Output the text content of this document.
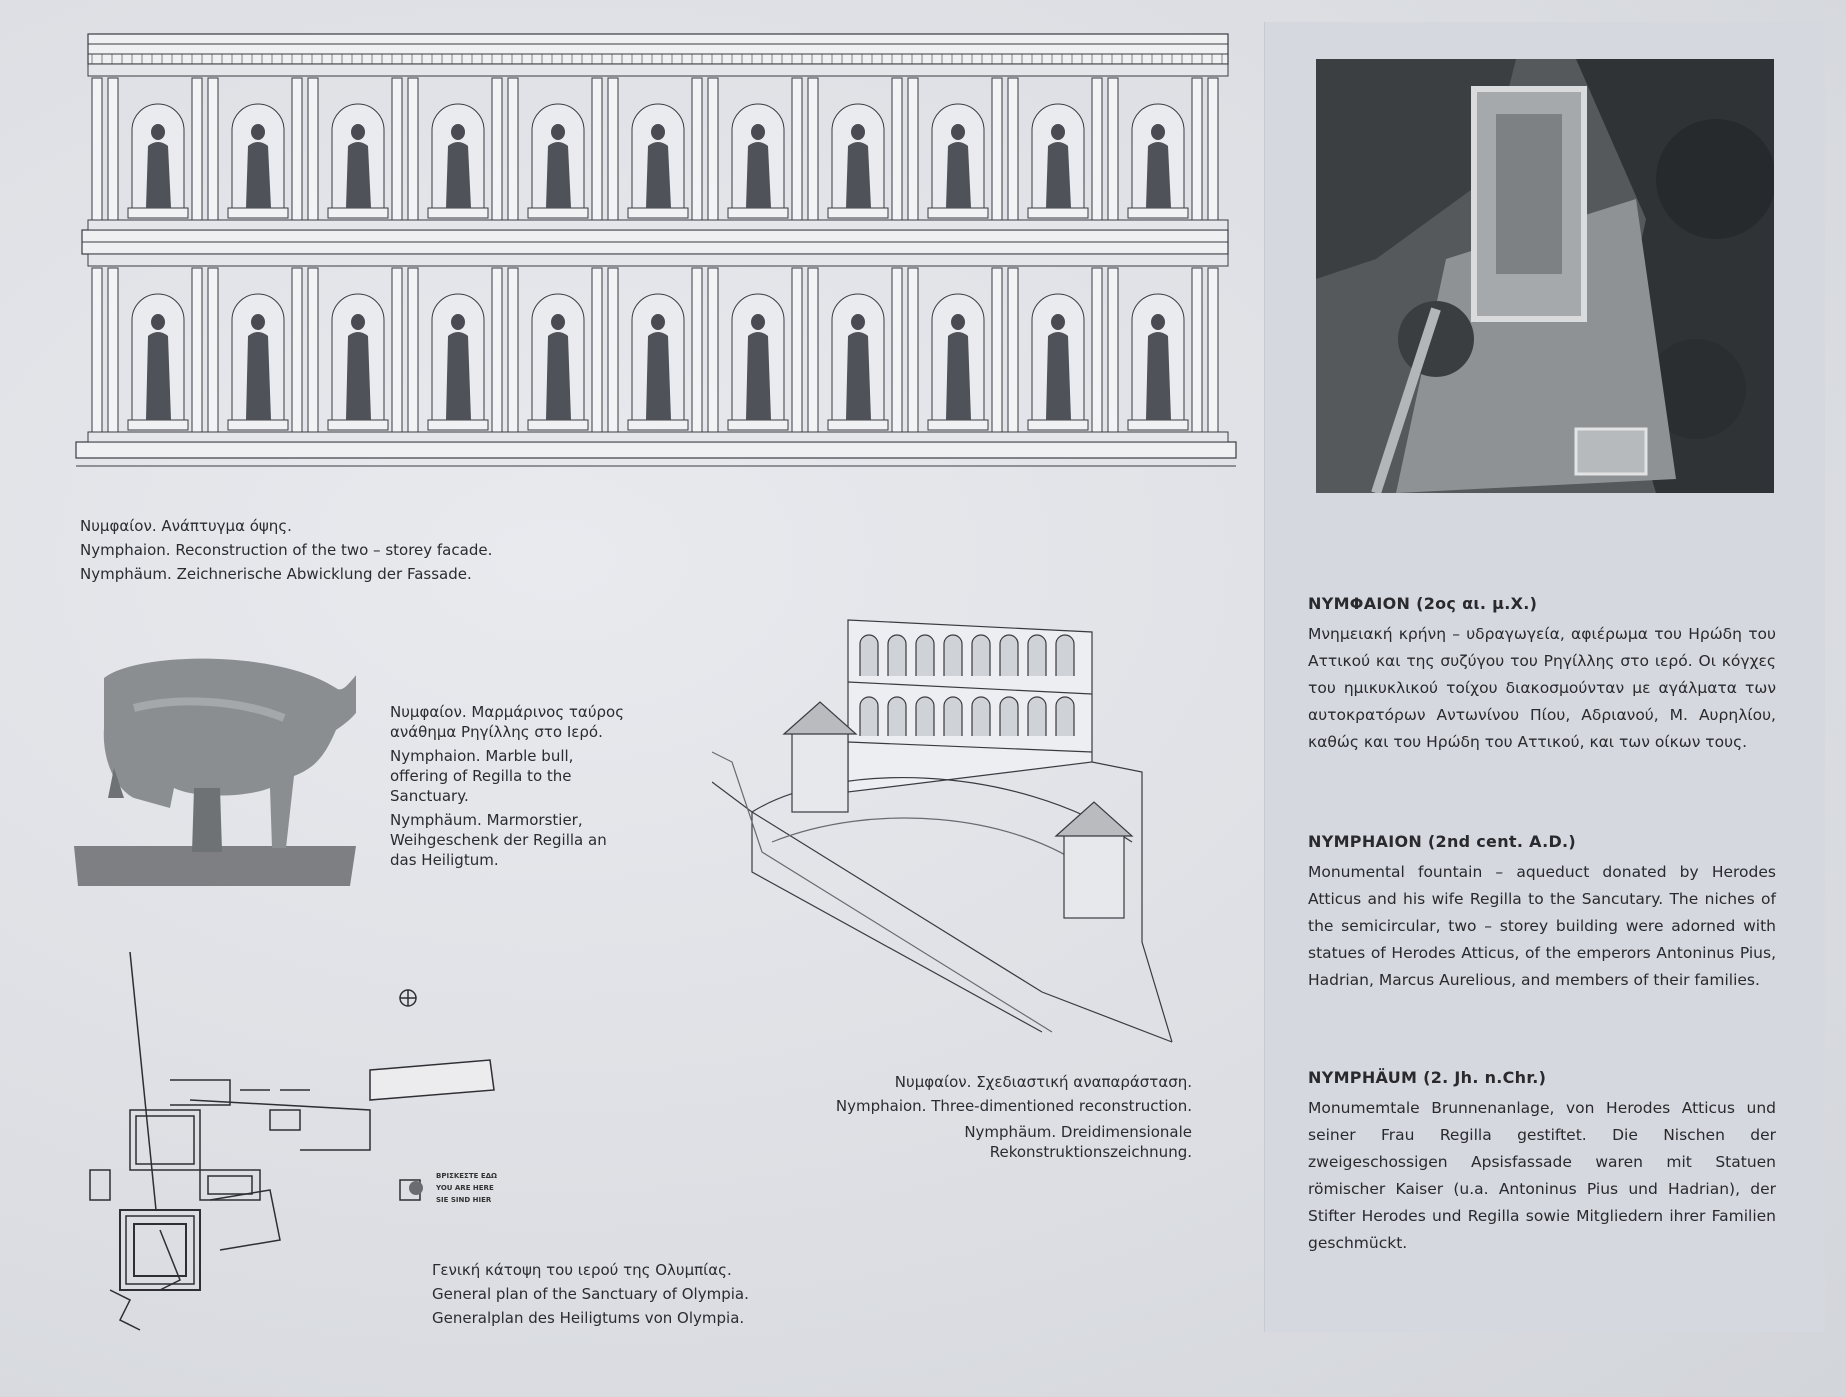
Νυμφαίον. Ανάπτυγμα όψης.
Nymphaion. Reconstruction of the two – storey facade.
Nymphäum. Zeichnerische Abwicklung der Fassade.
Νυμφαίον. Μαρμάρινος ταύρος
ανάθημα Ρηγίλλης στο Ιερό.
Nymphaion. Marble bull,
offering of Regilla to the
Sanctuary.
Nymphäum. Marmorstier,
Weihgeschenk der Regilla an
das Heiligtum.
Νυμφαίον. Σχεδιαστική αναπαράσταση.
Nymphaion. Three-dimentioned reconstruction.
Nymphäum. Dreidimensionale
Rekonstruktionszeichnung.
ΒΡΙΣΚΕΣΤΕ ΕΔΩ
YOU ARE HERE
SIE SIND HIER
Γενική κάτοψη του ιερού της Ολυμπίας.
General plan of the Sanctuary of Olympia.
Generalplan des Heiligtums von Olympia.
ΝΥΜΦΑΙΟΝ (2ος αι. μ.Χ.)

Μνημειακή κρήνη – υδραγωγεία, αφιέρωμα του Ηρώδη του Αττικού και της συζύγου του Ρηγίλλης στο ιερό. Οι κόγχες του ημικυκλικού τοίχου διακοσμούνταν με αγάλματα των αυτοκρατόρων Αντωνίνου Πίου, Αδριανού, Μ. Αυρηλίου, καθώς και του Ηρώδη του Αττικού, και των οίκων τους.

NYMPHAION (2nd cent. A.D.)

Monumental fountain – aqueduct donated by Herodes Atticus and his wife Regilla to the Sancutary. The niches of the semicircular, two – storey building were adorned with statues of Herodes Atticus, of the emperors Antoninus Pius, Hadrian, Marcus Aurelious, and members of their families.

NYMPHÄUM (2. Jh. n.Chr.)

Monumemtale Brunnenanlage, von Herodes Atticus und seiner Frau Regilla gestiftet. Die Nischen der zweigeschossigen Apsisfassade waren mit Statuen römischer Kaiser (u.a. Antoninus Pius und Hadrian), der Stifter Herodes und Regilla sowie Mitgliedern ihrer Familien geschmückt.
